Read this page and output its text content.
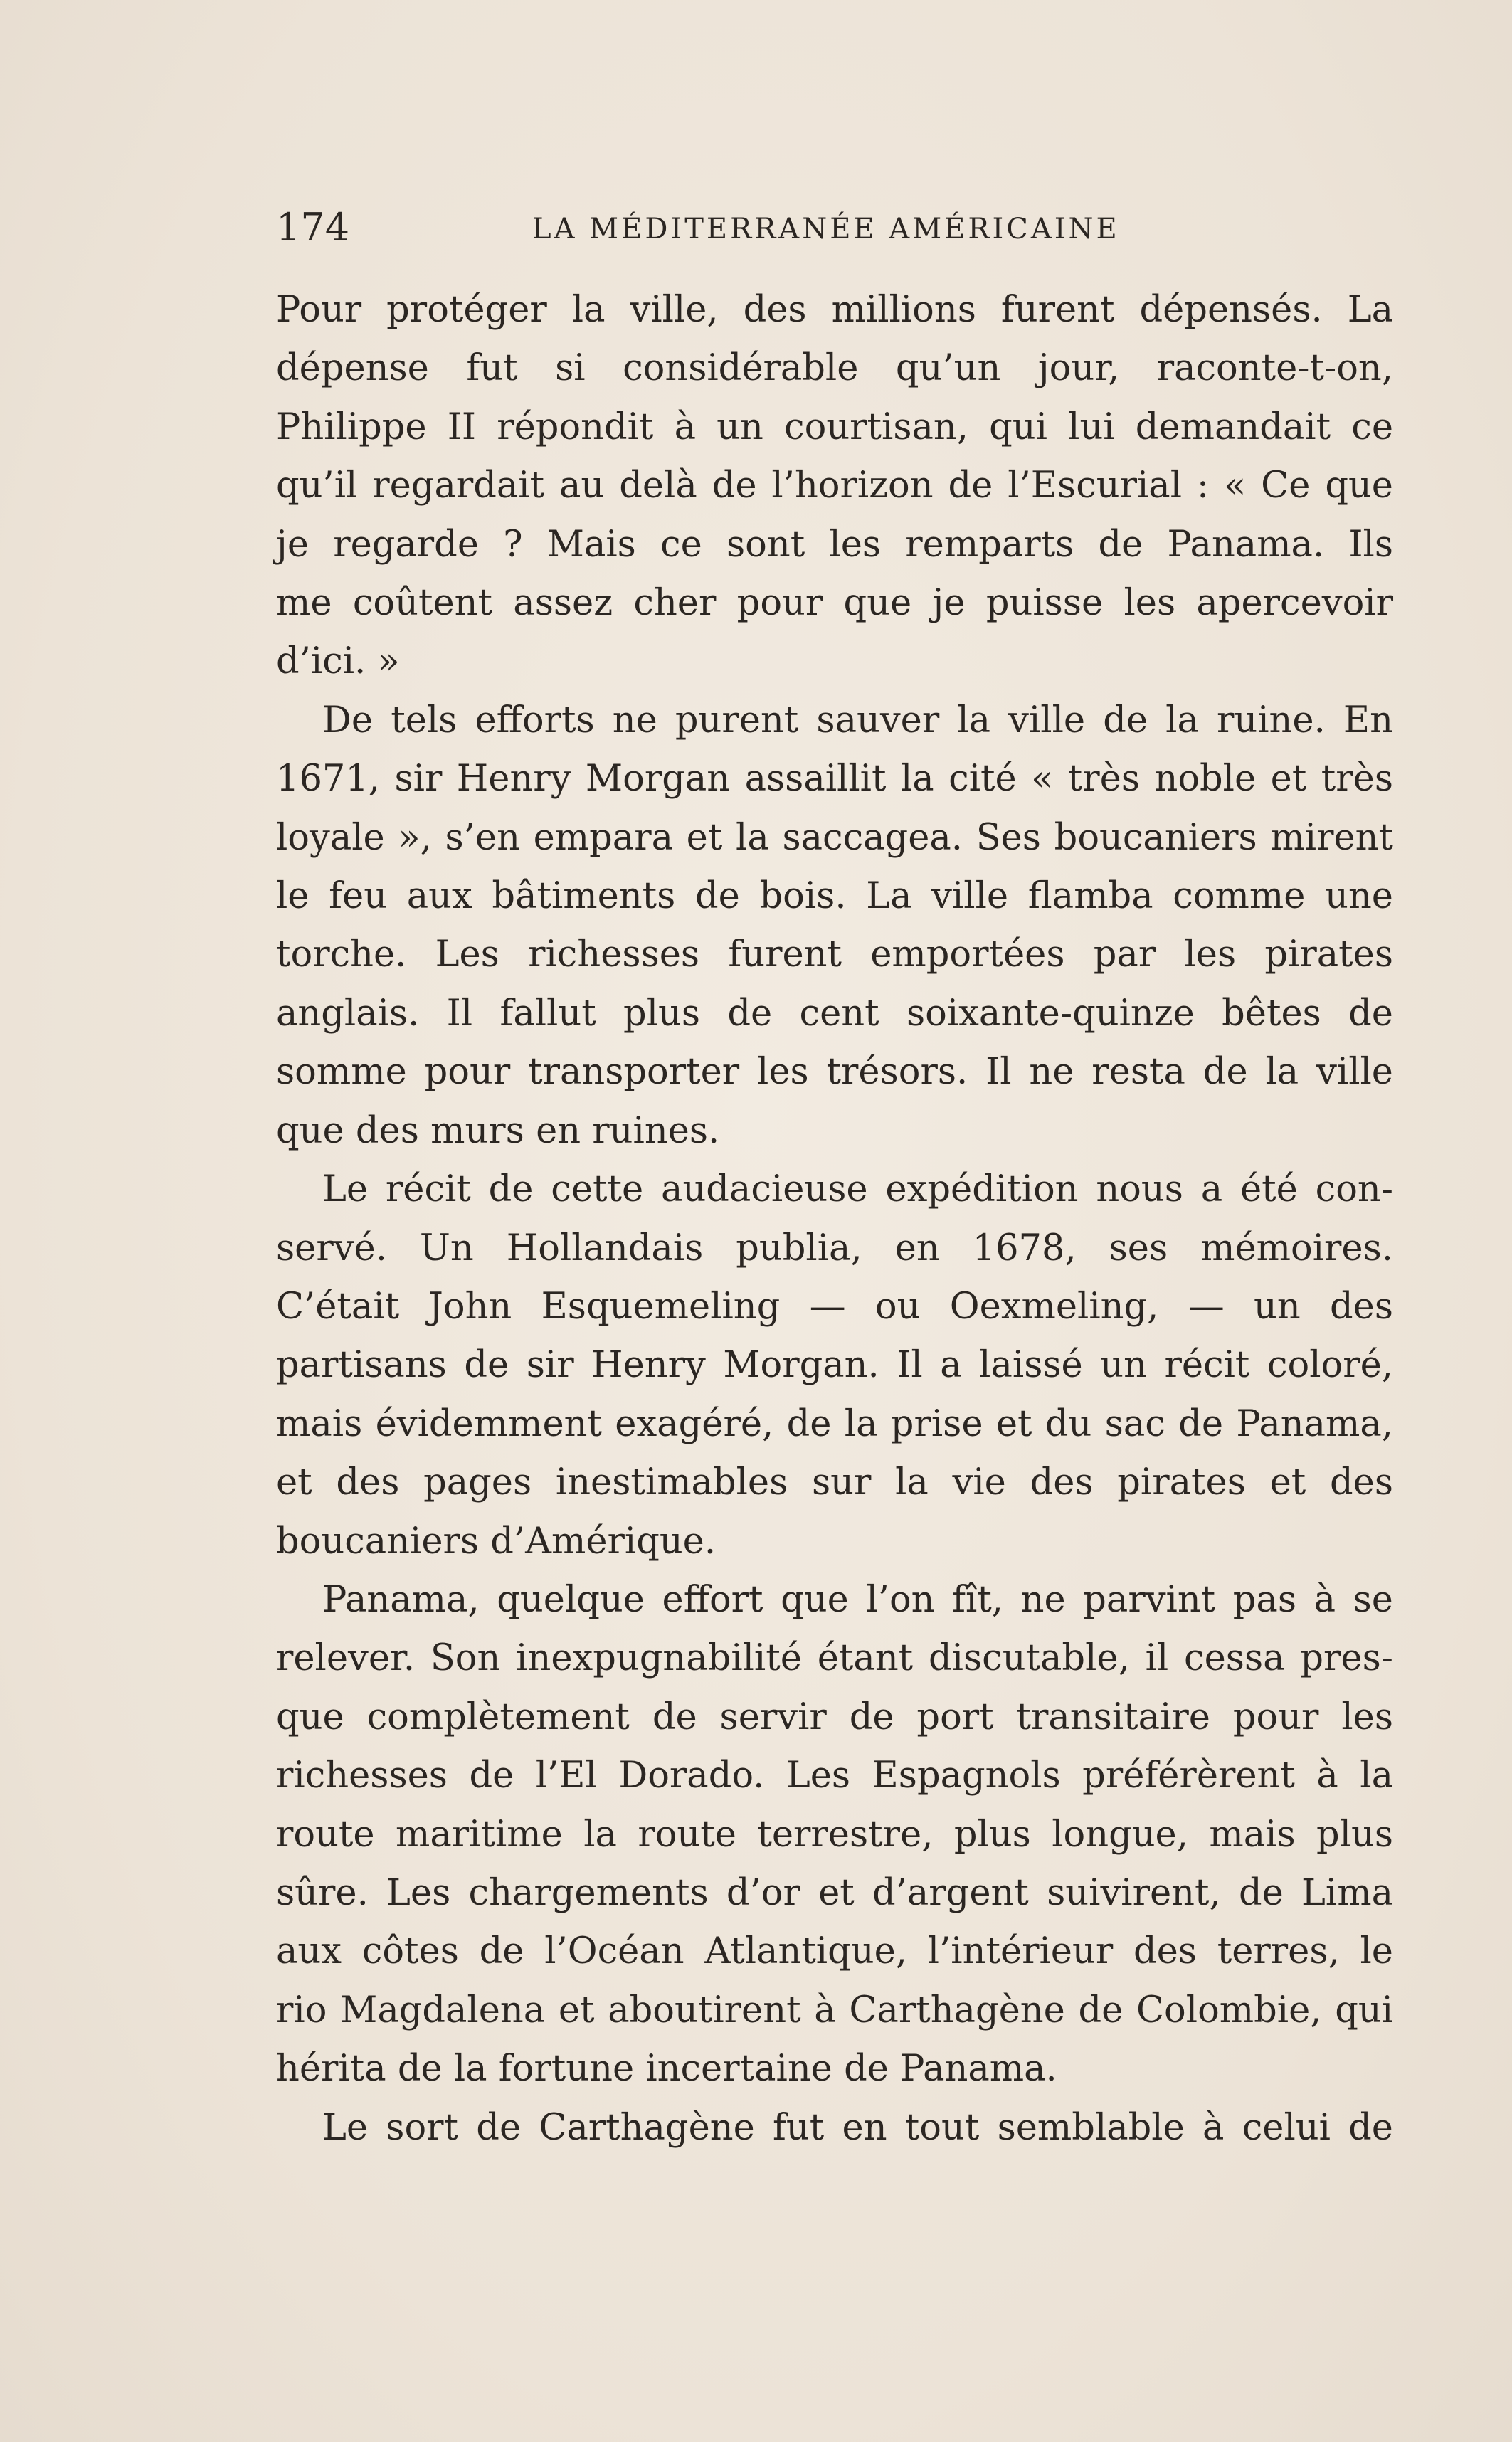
174	LA MÉDITERRANÉE AMÉRICAINE

Pour protéger la ville, des millions furent dépensés. La
dépense fut si considérable qu’un jour, raconte-t-on,
Philippe II répondit à un courtisan, qui lui demandait ce
qu’il regardait au delà de l’horizon de l’Escurial : « Ce que
je regarde ? Mais ce sont les remparts de Panama. Ils
me coûtent assez cher pour que je puisse les apercevoir
d’ici. »

De tels efforts ne purent sauver la ville de la ruine. En
1671, sir Henry Morgan assaillit la cité « très noble et très
loyale », s’en empara et la saccagea. Ses boucaniers mirent
le feu aux bâtiments de bois. La ville flamba comme une
torche. Les richesses furent emportées par les pirates
anglais. Il fallut plus de cent soixante-quinze bêtes de
somme pour transporter les trésors. Il ne resta de la ville
que des murs en ruines.

Le récit de cette audacieuse expédition nous a été con-
servé. Un Hollandais publia, en 1678, ses mémoires.
C’était John Esquemeling — ou Oexmeling, — un des
partisans de sir Henry Morgan. Il a laissé un récit coloré,
mais évidemment exagéré, de la prise et du sac de Panama,
et des pages inestimables sur la vie des pirates et des
boucaniers d’Amérique.

Panama, quelque effort que l’on fît, ne parvint pas à se
relever. Son inexpugnabilité étant discutable, il cessa pres-
que complètement de servir de port transitaire pour les
richesses de l’El Dorado. Les Espagnols préférèrent à la
route maritime la route terrestre, plus longue, mais plus
sûre. Les chargements d’or et d’argent suivirent, de Lima
aux côtes de l’Océan Atlantique, l’intérieur des terres, le
rio Magdalena et aboutirent à Carthagène de Colombie, qui
hérita de la fortune incertaine de Panama.

Le sort de Carthagène fut en tout semblable à celui de
